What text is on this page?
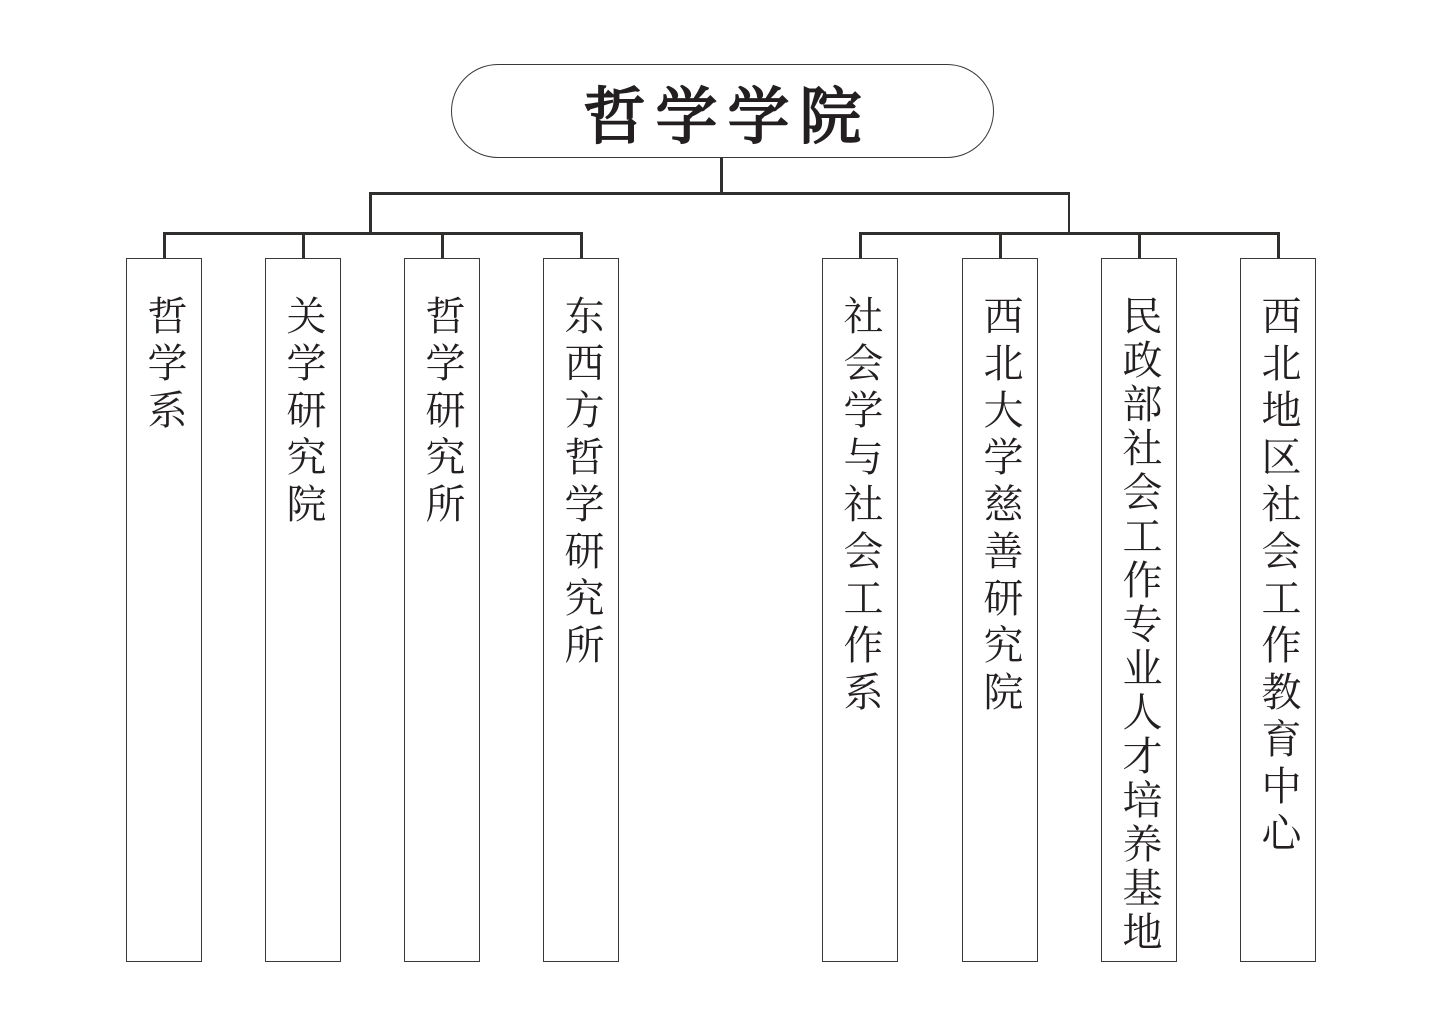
哲学学院
哲学系 关学研究院 哲学研究所 东西方哲学研究所	社会学与社会工作系 西北大学慈善研究院 民政部社会工作专业人才培养基地 西北地区社会工作教育中心
